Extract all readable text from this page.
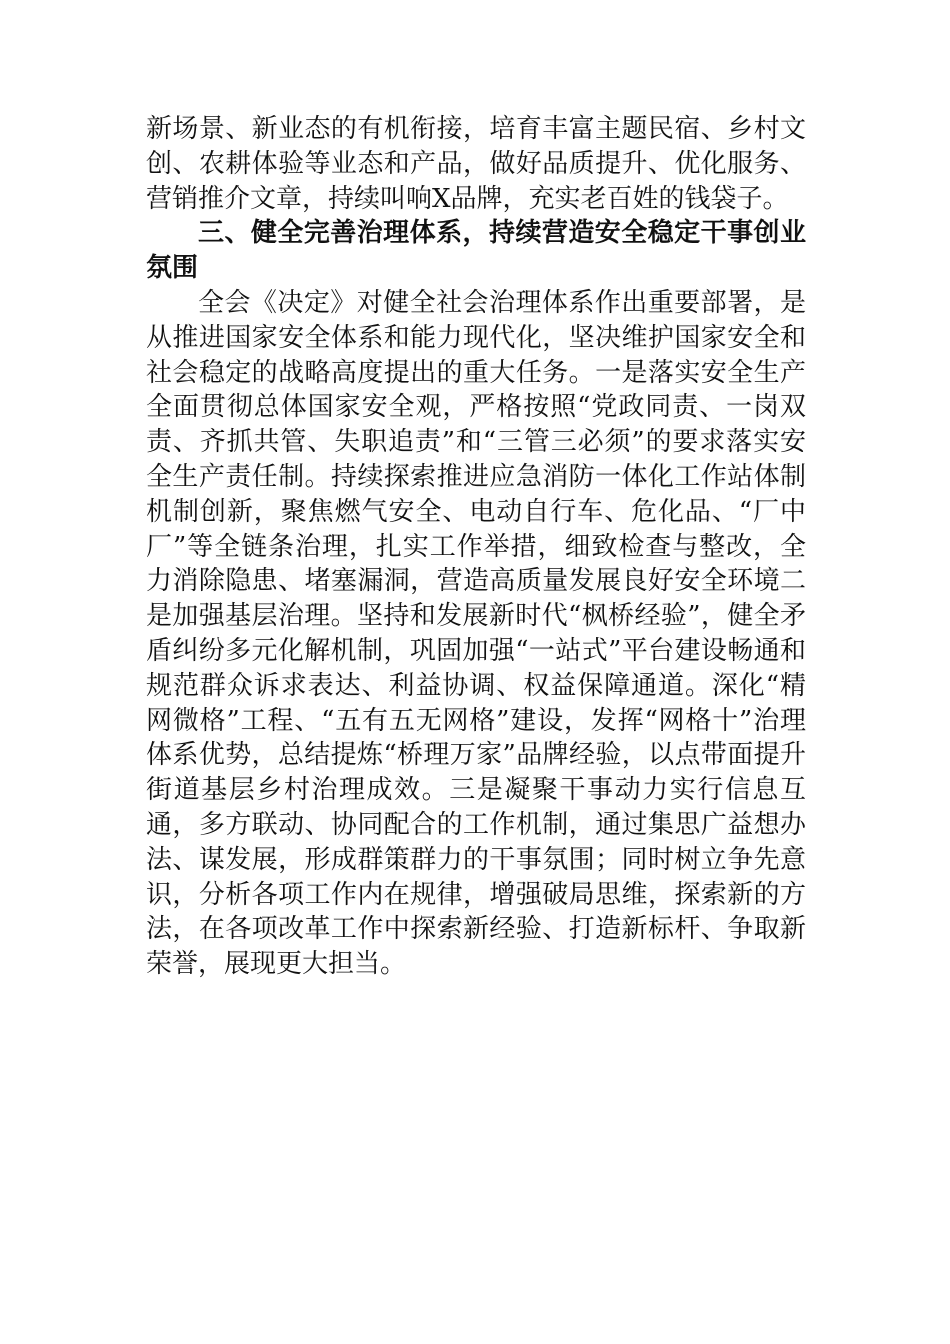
新场景、新业态的有机衔接，培育丰富主题民宿、乡村文创、农耕体验等业态和产品，做好品质提升、优化服务、营销推介文章，持续叫响X品牌，充实老百姓的钱袋子。

三、健全完善治理体系，持续营造安全稳定干事创业氛围

全会《决定》对健全社会治理体系作出重要部署，是从推进国家安全体系和能力现代化，坚决维护国家安全和社会稳定的战略高度提出的重大任务。一是落实安全生产全面贯彻总体国家安全观，严格按照“党政同责、一岗双责、齐抓共管、失职追责”和“三管三必须”的要求落实安全生产责任制。持续探索推进应急消防一体化工作站体制机制创新，聚焦燃气安全、电动自行车、危化品、“厂中厂”等全链条治理，扎实工作举措，细致检查与整改，全力消除隐患、堵塞漏洞，营造高质量发展良好安全环境二是加强基层治理。坚持和发展新时代“枫桥经验”，健全矛盾纠纷多元化解机制，巩固加强“一站式”平台建设畅通和规范群众诉求表达、利益协调、权益保障通道。深化“精网微格”工程、“五有五无网格”建设，发挥“网格十”治理体系优势，总结提炼“桥理万家”品牌经验，以点带面提升街道基层乡村治理成效。三是凝聚干事动力实行信息互通，多方联动、协同配合的工作机制，通过集思广益想办法、谋发展，形成群策群力的干事氛围；同时树立争先意识，分析各项工作内在规律，增强破局思维，探索新的方法，在各项改革工作中探索新经验、打造新标杆、争取新荣誉，展现更大担当。
